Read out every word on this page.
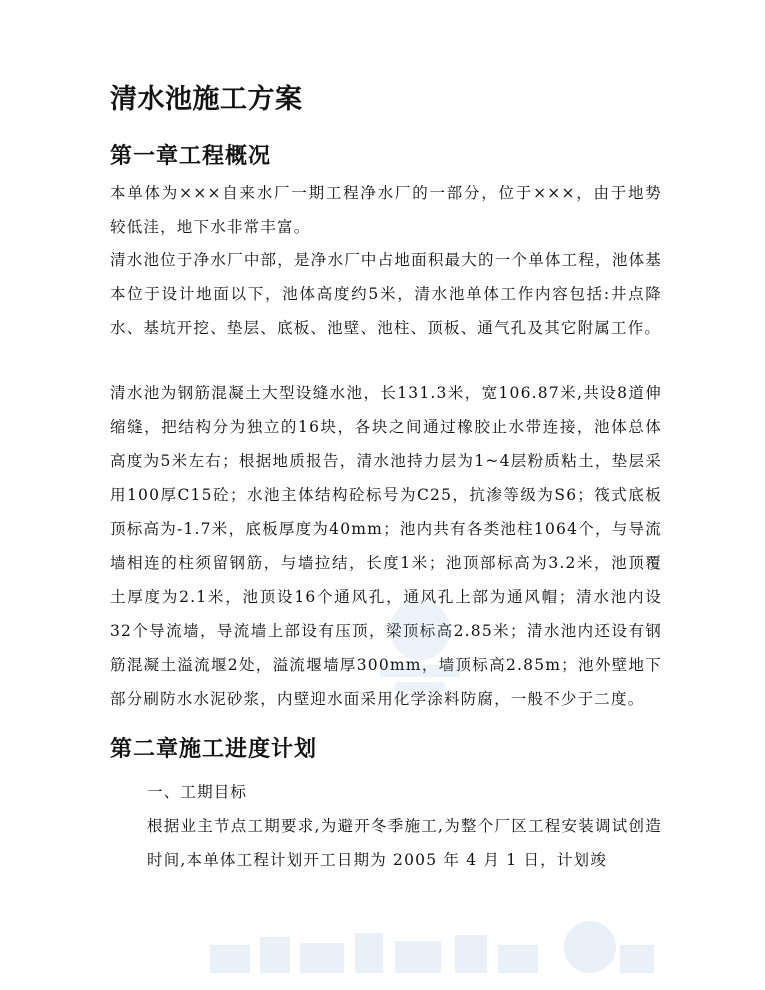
清水池施工方案
第一章工程概况

本单体为×××自来水厂一期工程净水厂的一部分，位于×××，由于地势较低洼，地下水非常丰富。

清水池位于净水厂中部，是净水厂中占地面积最大的一个单体工程，池体基本位于设计地面以下，池体高度约5米，清水池单体工作内容包括:井点降水、基坑开挖、垫层、底板、池壁、池柱、顶板、通气孔及其它附属工作。

清水池为钢筋混凝土大型设缝水池，长131.3米，宽106.87米,共设8道伸缩缝，把结构分为独立的16块，各块之间通过橡胶止水带连接，池体总体高度为5米左右；根据地质报告，清水池持力层为1~4层粉质粘土，垫层采用100厚C15砼；水池主体结构砼标号为C25，抗渗等级为S6；筏式底板顶标高为-1.7米，底板厚度为40mm；池内共有各类池柱1064个，与导流墙相连的柱须留钢筋，与墙拉结，长度1米；池顶部标高为3.2米，池顶覆土厚度为2.1米，池顶设16个通风孔，通风孔上部为通风帽；清水池内设32个导流墙，导流墙上部设有压顶，梁顶标高2.85米；清水池内还设有钢筋混凝土溢流堰2处，溢流堰墙厚300mm，墙顶标高2.85m；池外壁地下部分刷防水水泥砂浆，内壁迎水面采用化学涂料防腐，一般不少于二度。

第二章施工进度计划

一、工期目标

根据业主节点工期要求,为避开冬季施工,为整个厂区工程安装调试创造时间,本单体工程计划开工日期为 2005 年 4 月 1 日，计划竣
